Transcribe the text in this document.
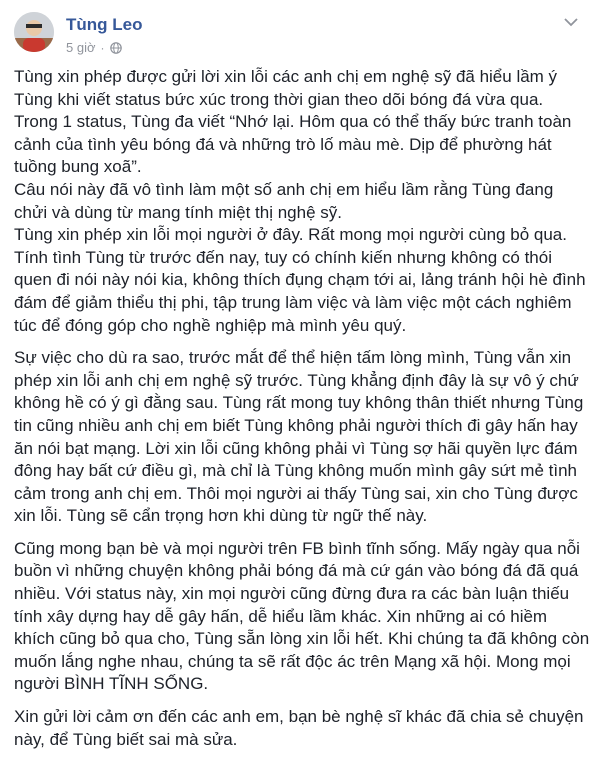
Tùng Leo
5 giờ ·

Tùng xin phép được gửi lời xin lỗi các anh chị em nghệ sỹ đã hiểu lầm ý Tùng khi viết status bức xúc trong thời gian theo dõi bóng đá vừa qua.
Trong 1 status, Tùng đa viết “Nhớ lại. Hôm qua có thể thấy bức tranh toàn cảnh của tình yêu bóng đá và những trò lố màu mè. Dịp để phường hát tuồng bung xoã”.
Câu nói này đã vô tình làm một số anh chị em hiểu lầm rằng Tùng đang chửi và dùng từ mang tính miệt thị nghệ sỹ.
Tùng xin phép xin lỗi mọi người ở đây. Rất mong mọi người cùng bỏ qua.
Tính tình Tùng từ trước đến nay, tuy có chính kiến nhưng không có thói quen đi nói này nói kia, không thích đụng chạm tới ai, lảng tránh hội hè đình đám để giảm thiểu thị phi, tập trung làm việc và làm việc một cách nghiêm túc để đóng góp cho nghề nghiệp mà mình yêu quý.

Sự việc cho dù ra sao, trước mắt để thể hiện tấm lòng mình, Tùng vẫn xin phép xin lỗi anh chị em nghệ sỹ trước. Tùng khẳng định đây là sự vô ý chứ không hề có ý gì đằng sau. Tùng rất mong tuy không thân thiết nhưng Tùng tin cũng nhiều anh chị em biết Tùng không phải người thích đi gây hấn hay ăn nói bạt mạng. Lời xin lỗi cũng không phải vì Tùng sợ hãi quyền lực đám đông hay bất cứ điều gì, mà chỉ là Tùng không muốn mình gây sứt mẻ tình cảm trong anh chị em. Thôi mọi người ai thấy Tùng sai, xin cho Tùng được xin lỗi. Tùng sẽ cẩn trọng hơn khi dùng từ ngữ thế này.

Cũng mong bạn bè và mọi người trên FB bình tĩnh sống. Mấy ngày qua nỗi buồn vì những chuyện không phải bóng đá mà cứ gán vào bóng đá đã quá nhiều. Với status này, xin mọi người cũng đừng đưa ra các bàn luận thiếu tính xây dựng hay dễ gây hấn, dễ hiểu lầm khác. Xin những ai có hiềm khích cũng bỏ qua cho, Tùng sẵn lòng xin lỗi hết. Khi chúng ta đã không còn muốn lắng nghe nhau, chúng ta sẽ rất độc ác trên Mạng xã hội. Mong mọi người BÌNH TĨNH SỐNG.

Xin gửi lời cảm ơn đến các anh em, bạn bè nghệ sĩ khác đã chia sẻ chuyện này, để Tùng biết sai mà sửa.
